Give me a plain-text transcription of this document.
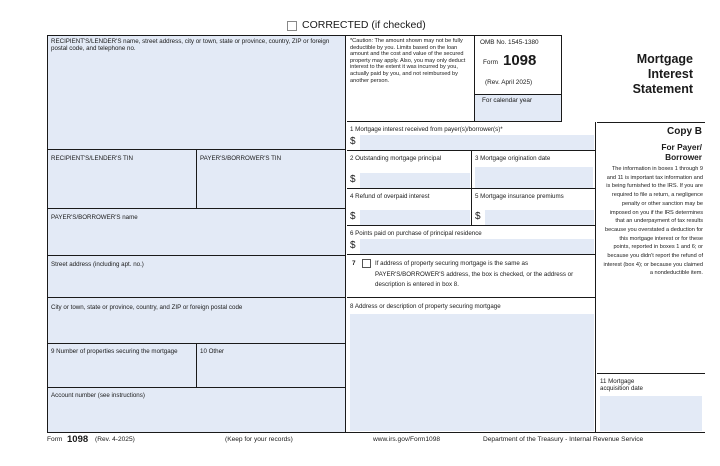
CORRECTED (if checked)
RECIPIENT'S/LENDER'S name, street address, city or town, state or province, country, ZIP or foreign postal code, and telephone no.
RECIPIENT'S/LENDER'S TIN	PAYER'S/BORROWER'S TIN
PAYER'S/BORROWER'S name
Street address (including apt. no.)
City or town, state or province, country, and ZIP or foreign postal code
9 Number of properties securing the mortgage	10 Other
Account number (see instructions)
*Caution: The amount shown may not be fully deductible by you. Limits based on the loan amount and the cost and value of the secured property may apply. Also, you may only deduct interest to the extent it was incurred by you, actually paid by you, and not reimbursed by another person.
OMB No. 1545-1380
Form 1098
(Rev. April 2025)
For calendar year
Mortgage
Interest
Statement
1 Mortgage interest received from payer(s)/borrower(s)*
$
2 Outstanding mortgage principal
$
3 Mortgage origination date
4 Refund of overpaid interest
$
5 Mortgage insurance premiums
$
6 Points paid on purchase of principal residence
$
7	If address of property securing mortgage is the same as PAYER'S/BORROWER'S address, the box is checked, or the address or description is entered in box 8.
8 Address or description of property securing mortgage
Copy B
For Payer/
Borrower
The information in boxes 1 through 9 and 11 is important tax information and is being furnished to the IRS. If you are required to file a return, a negligence penalty or other sanction may be imposed on you if the IRS determines that an underpayment of tax results because you overstated a deduction for this mortgage interest or for these points, reported in boxes 1 and 6; or because you didn't report the refund of interest (box 4); or because you claimed a nondeductible item.
11 Mortgage acquisition date
Form 1098 (Rev. 4-2025)	(Keep for your records)	www.irs.gov/Form1098	Department of the Treasury - Internal Revenue Service
